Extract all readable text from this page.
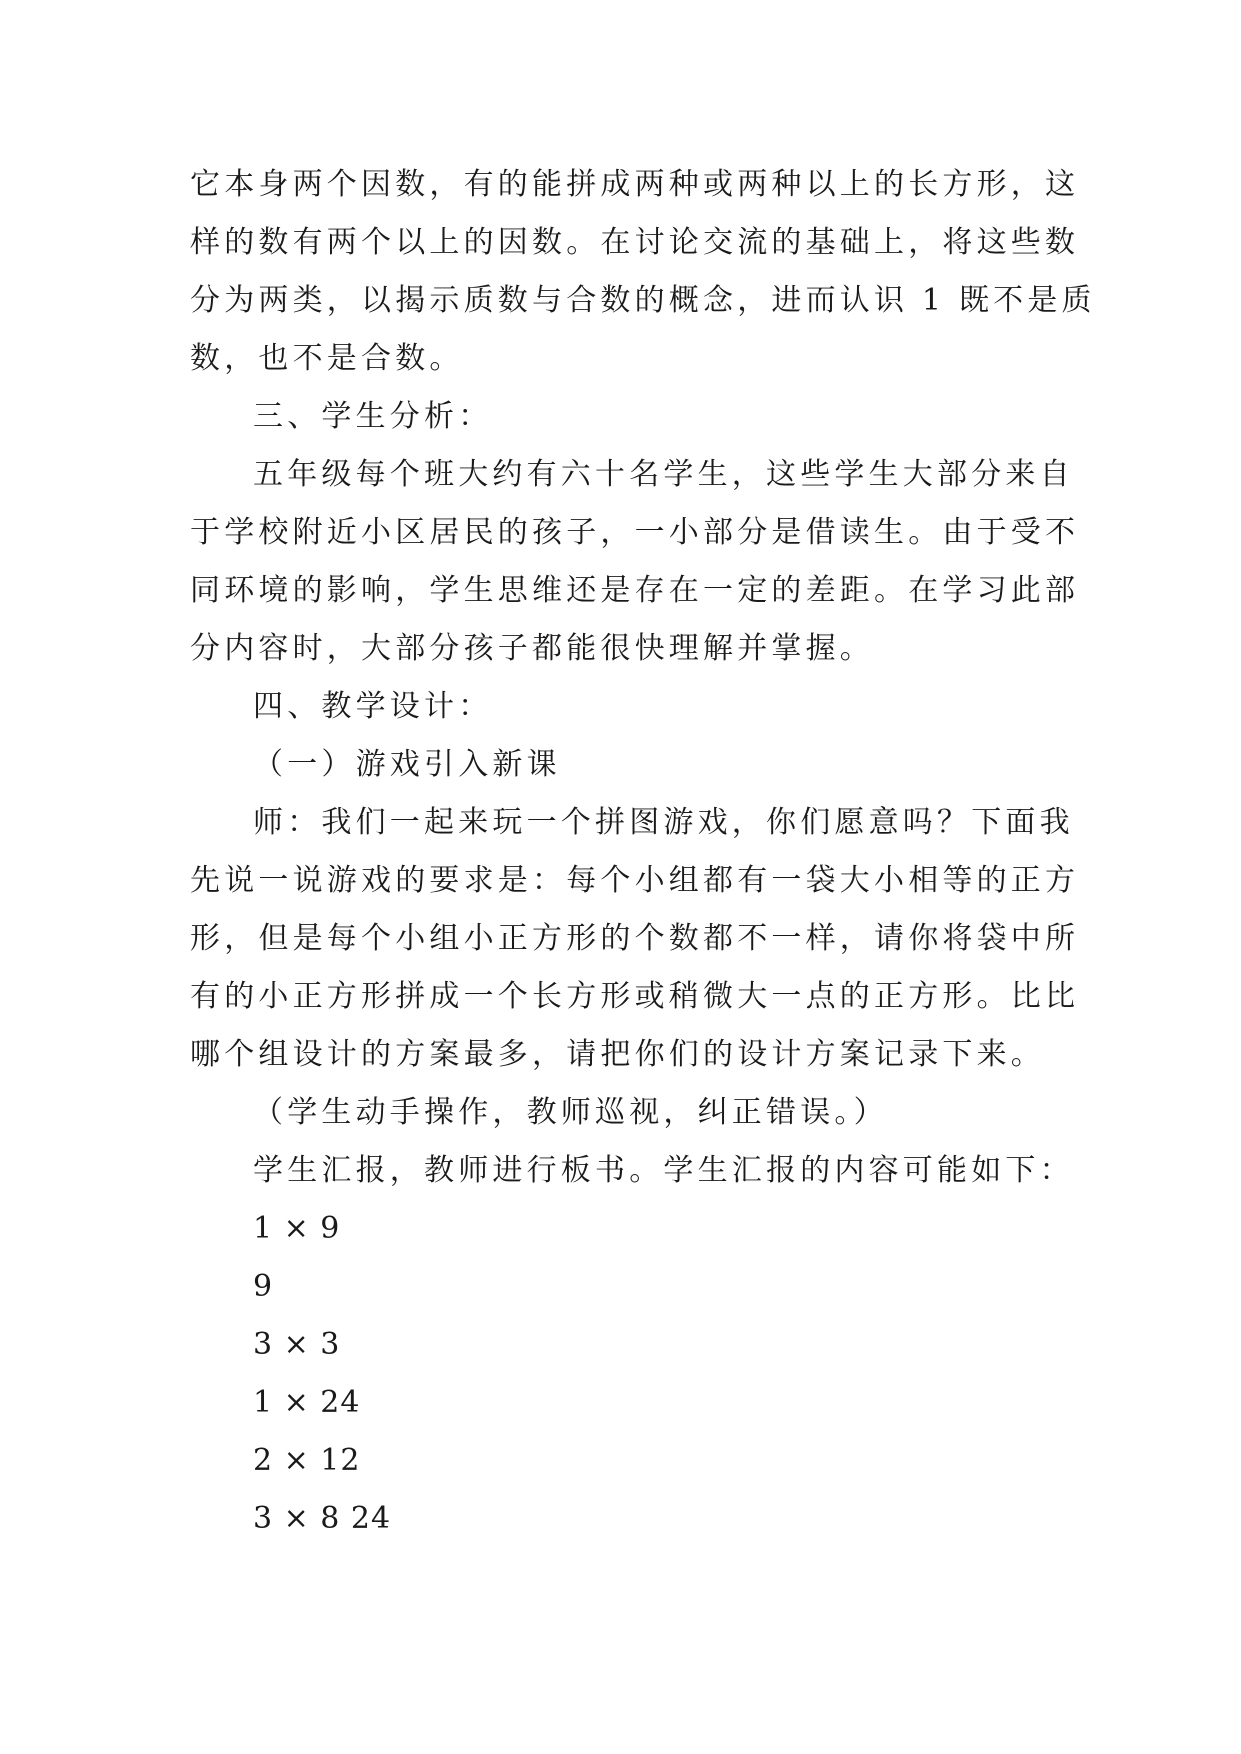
它本身两个因数，有的能拼成两种或两种以上的长方形，这
样的数有两个以上的因数。在讨论交流的基础上，将这些数
分为两类，以揭示质数与合数的概念，进而认识 1 既不是质
数，也不是合数。
三、学生分析：
五年级每个班大约有六十名学生，这些学生大部分来自
于学校附近小区居民的孩子，一小部分是借读生。由于受不
同环境的影响，学生思维还是存在一定的差距。在学习此部
分内容时，大部分孩子都能很快理解并掌握。
四、教学设计：
（一）游戏引入新课
师：我们一起来玩一个拼图游戏，你们愿意吗？下面我
先说一说游戏的要求是：每个小组都有一袋大小相等的正方
形，但是每个小组小正方形的个数都不一样，请你将袋中所
有的小正方形拼成一个长方形或稍微大一点的正方形。比比
哪个组设计的方案最多，请把你们的设计方案记录下来。
（学生动手操作，教师巡视，纠正错误。）
学生汇报，教师进行板书。学生汇报的内容可能如下：
1 × 9
9
3 × 3
1 × 24
2 × 12
3 × 8 24
